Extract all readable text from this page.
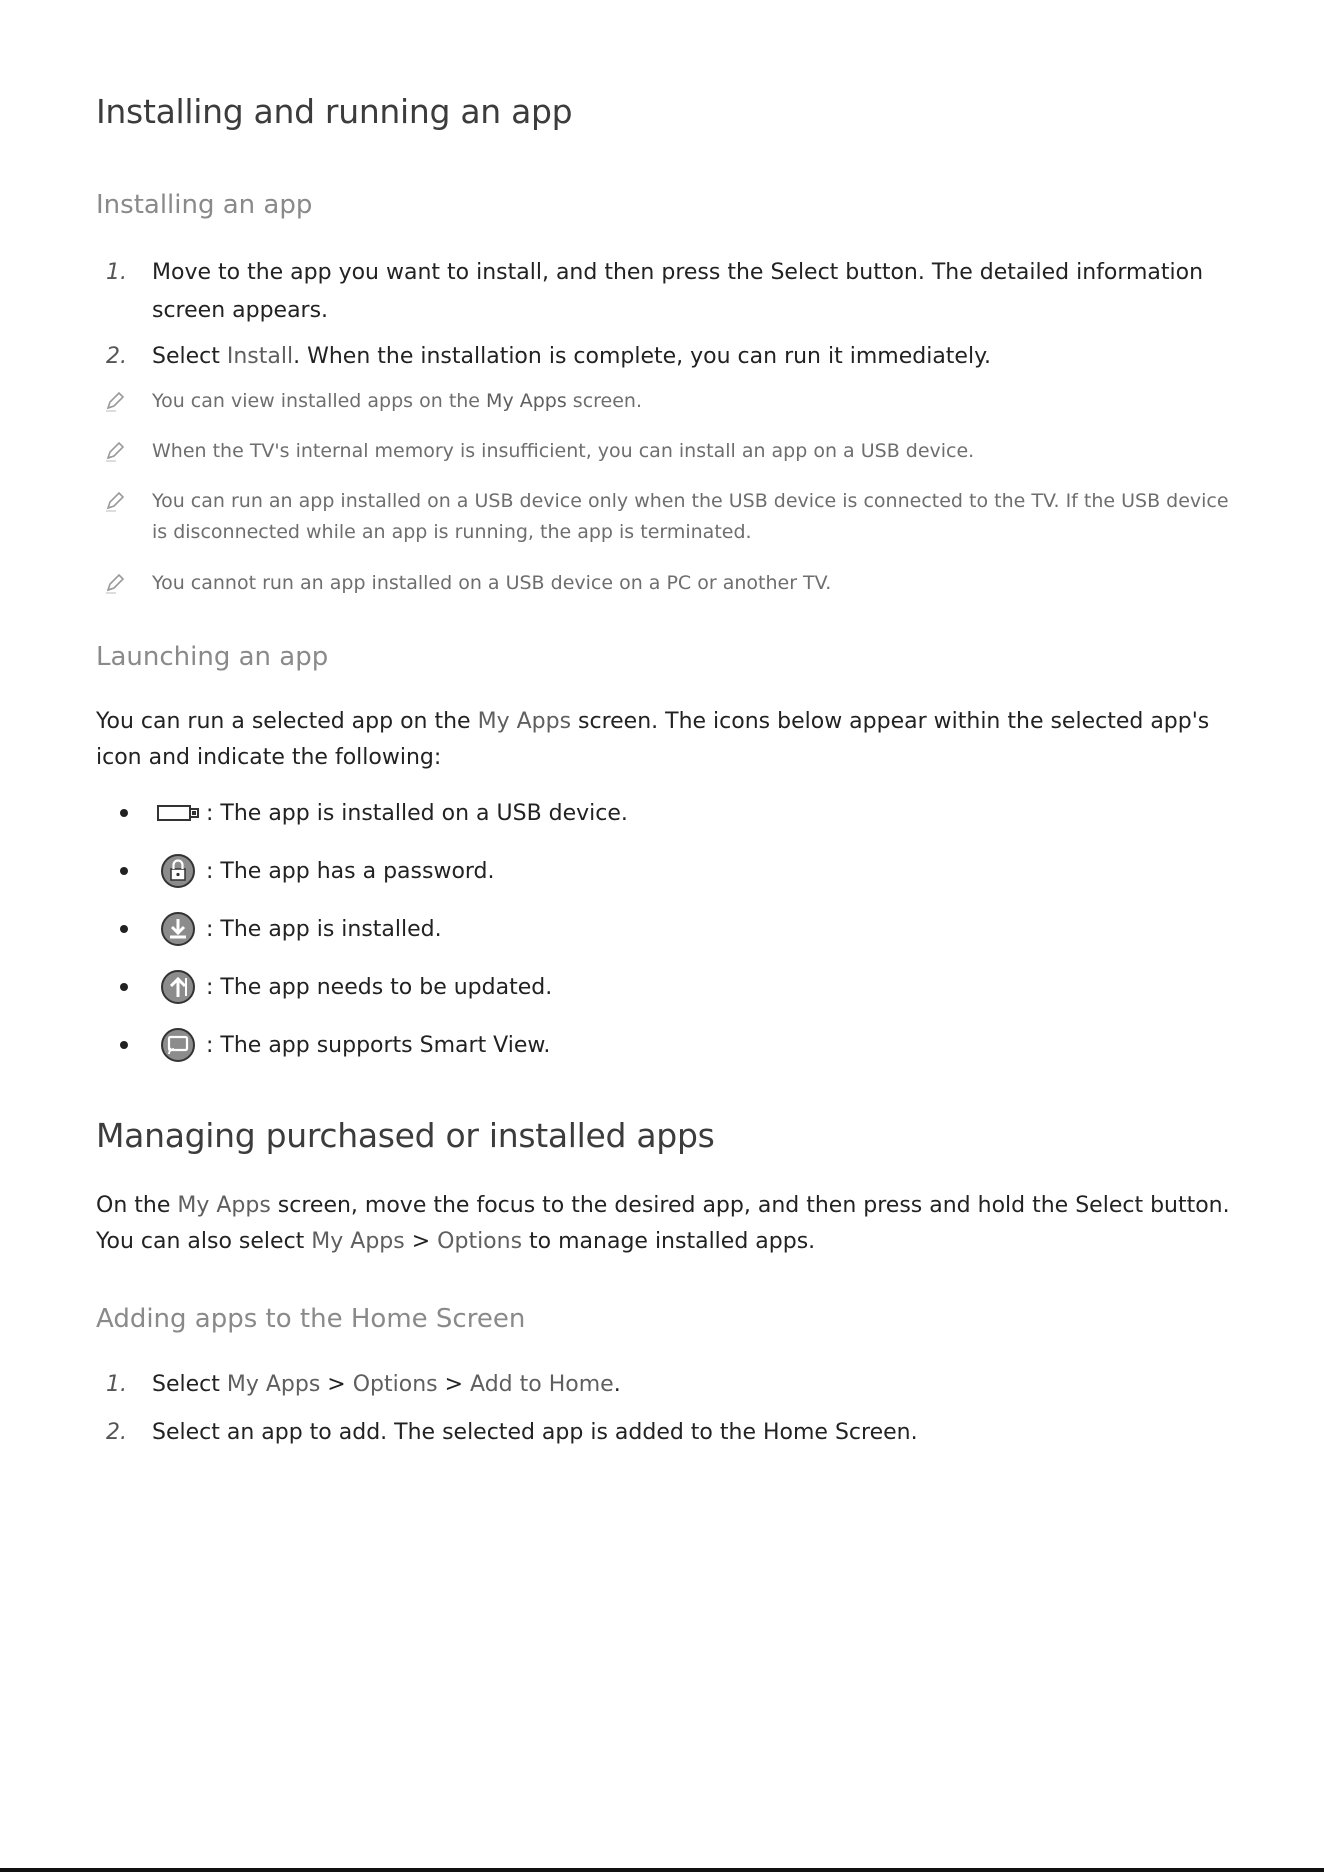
Installing and running an app
Installing an app
1. Move to the app you want to install, and then press the Select button. The detailed information screen appears.
2. Select Install. When the installation is complete, you can run it immediately.
You can view installed apps on the My Apps screen.
When the TV's internal memory is insufficient, you can install an app on a USB device.
You can run an app installed on a USB device only when the USB device is connected to the TV. If the USB device is disconnected while an app is running, the app is terminated.
You cannot run an app installed on a USB device on a PC or another TV.
Launching an app
You can run a selected app on the My Apps screen. The icons below appear within the selected app's icon and indicate the following:
: The app is installed on a USB device.
: The app has a password.
: The app is installed.
: The app needs to be updated.
: The app supports Smart View.
Managing purchased or installed apps
On the My Apps screen, move the focus to the desired app, and then press and hold the Select button. You can also select My Apps > Options to manage installed apps.
Adding apps to the Home Screen
1. Select My Apps > Options > Add to Home.
2. Select an app to add. The selected app is added to the Home Screen.
